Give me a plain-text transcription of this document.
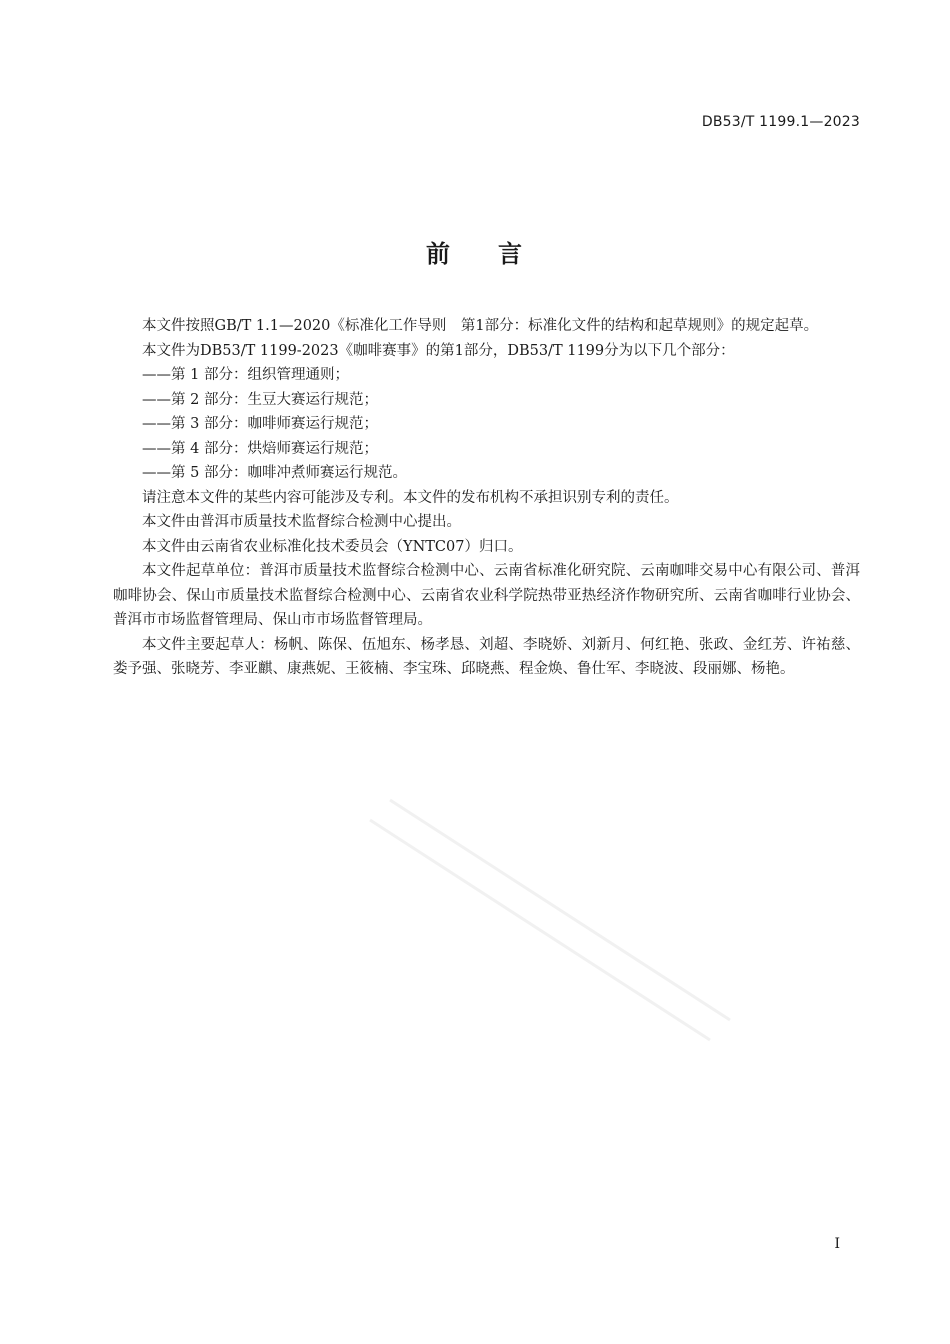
DB53/T 1199.1—2023
前 言

本文件按照GB/T 1.1—2020《标准化工作导则　第1部分：标准化文件的结构和起草规则》的规定起草。

本文件为DB53/T 1199-2023《咖啡赛事》的第1部分，DB53/T 1199分为以下几个部分：

——第 1 部分：组织管理通则；

——第 2 部分：生豆大赛运行规范；

——第 3 部分：咖啡师赛运行规范；

——第 4 部分：烘焙师赛运行规范；

——第 5 部分：咖啡冲煮师赛运行规范。

请注意本文件的某些内容可能涉及专利。本文件的发布机构不承担识别专利的责任。

本文件由普洱市质量技术监督综合检测中心提出。

本文件由云南省农业标准化技术委员会（YNTC07）归口。

本文件起草单位：普洱市质量技术监督综合检测中心、云南省标准化研究院、云南咖啡交易中心有限公司、普洱咖啡协会、保山市质量技术监督综合检测中心、云南省农业科学院热带亚热经济作物研究所、云南省咖啡行业协会、普洱市市场监督管理局、保山市市场监督管理局。

本文件主要起草人：杨帆、陈保、伍旭东、杨孝恳、刘超、李晓娇、刘新月、何红艳、张政、金红芳、许祐慈、娄予强、张晓芳、李亚麒、康燕妮、王筱楠、李宝珠、邱晓燕、程金焕、鲁仕军、李晓波、段丽娜、杨艳。

I
